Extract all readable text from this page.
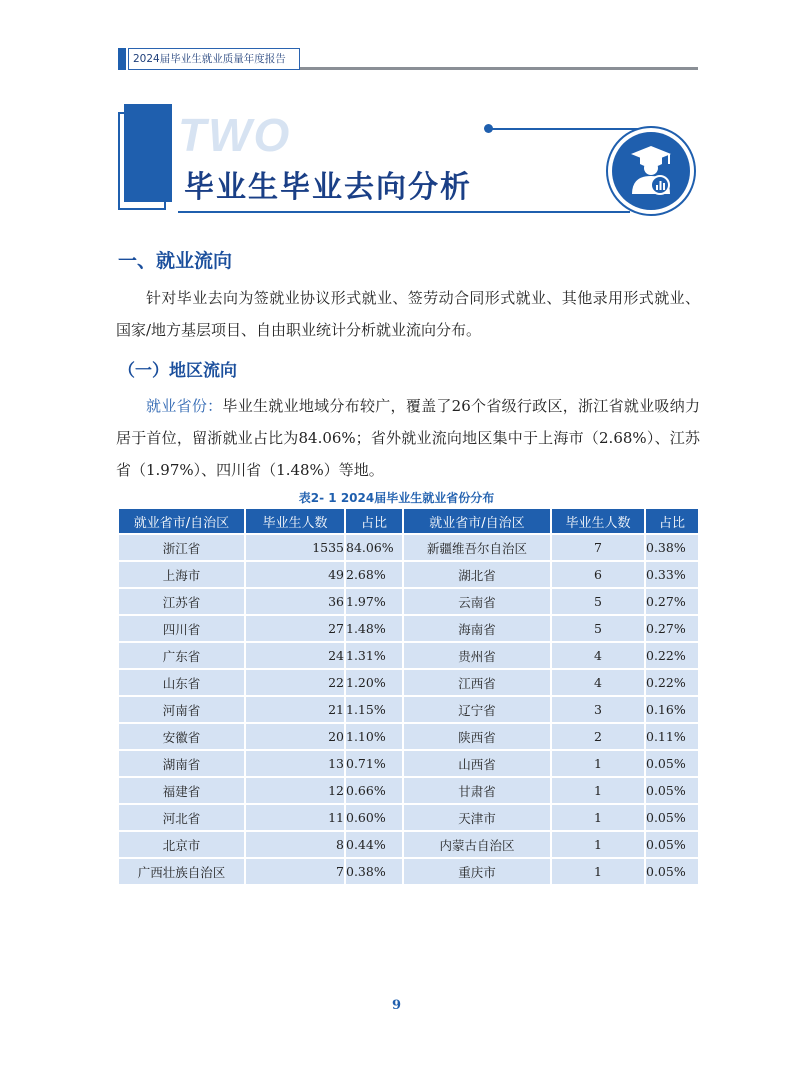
2024届毕业生就业质量年度报告
TWO
毕业生毕业去向分析
一、就业流向
针对毕业去向为签就业协议形式就业、签劳动合同形式就业、其他录用形式就业、国家/地方基层项目、自由职业统计分析就业流向分布。
（一）地区流向
就业省份：毕业生就业地域分布较广，覆盖了26个省级行政区，浙江省就业吸纳力居于首位，留浙就业占比为84.06%；省外就业流向地区集中于上海市（2.68%）、江苏省（1.97%）、四川省（1.48%）等地。
表2- 1 2024届毕业生就业省份分布
就业省市/自治区	毕业生人数	占比	就业省市/自治区	毕业生人数	占比
浙江省	1535	84.06%	新疆维吾尔自治区	7	0.38%
上海市	49	2.68%	湖北省	6	0.33%
江苏省	36	1.97%	云南省	5	0.27%
四川省	27	1.48%	海南省	5	0.27%
广东省	24	1.31%	贵州省	4	0.22%
山东省	22	1.20%	江西省	4	0.22%
河南省	21	1.15%	辽宁省	3	0.16%
安徽省	20	1.10%	陕西省	2	0.11%
湖南省	13	0.71%	山西省	1	0.05%
福建省	12	0.66%	甘肃省	1	0.05%
河北省	11	0.60%	天津市	1	0.05%
北京市	8	0.44%	内蒙古自治区	1	0.05%
广西壮族自治区	7	0.38%	重庆市	1	0.05%
9
